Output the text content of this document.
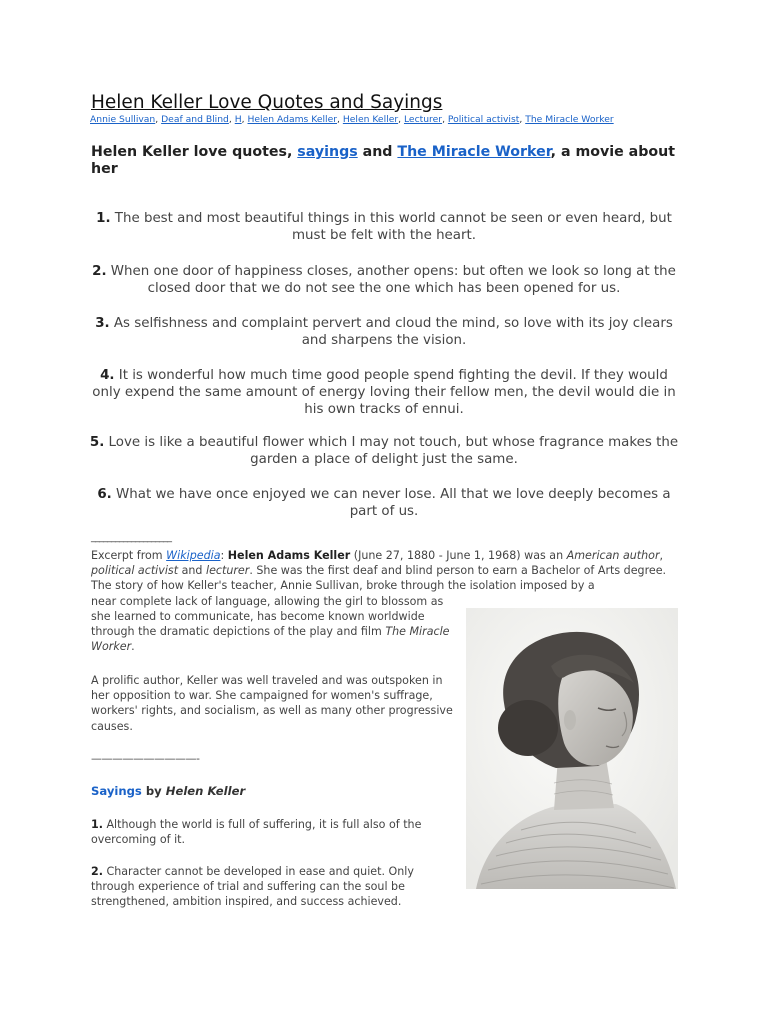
Helen Keller Love Quotes and Sayings
Annie Sullivan, Deaf and Blind, H, Helen Adams Keller, Helen Keller, Lecturer, Political activist, The Miracle Worker
Helen Keller love quotes, sayings and The Miracle Worker, a movie about her
1. The best and most beautiful things in this world cannot be seen or even heard, but must be felt with the heart.
2. When one door of happiness closes, another opens: but often we look so long at the closed door that we do not see the one which has been opened for us.
3. As selfishness and complaint pervert and cloud the mind, so love with its joy clears and sharpens the vision.
4. It is wonderful how much time good people spend fighting the devil. If they would only expend the same amount of energy loving their fellow men, the devil would die in his own tracks of ennui.
5. Love is like a beautiful flower which I may not touch, but whose fragrance makes the garden a place of delight just the same.
6. What we have once enjoyed we can never lose. All that we love deeply becomes a part of us.
____________________
Excerpt from Wikipedia: Helen Adams Keller (June 27, 1880 - June 1, 1968) was an American author, political activist and lecturer. She was the first deaf and blind person to earn a Bachelor of Arts degree. The story of how Keller's teacher, Annie Sullivan, broke through the isolation imposed by a
near complete lack of language, allowing the girl to blossom as she learned to communicate, has become known worldwide through the dramatic depictions of the play and film The Miracle Worker.
A prolific author, Keller was well traveled and was outspoken in her opposition to war. She campaigned for women's suffrage, workers' rights, and socialism, as well as many other progressive causes.
——————————-
Sayings by Helen Keller
1. Although the world is full of suffering, it is full also of the overcoming of it.
2. Character cannot be developed in ease and quiet. Only through experience of trial and suffering can the soul be strengthened, ambition inspired, and success achieved.
